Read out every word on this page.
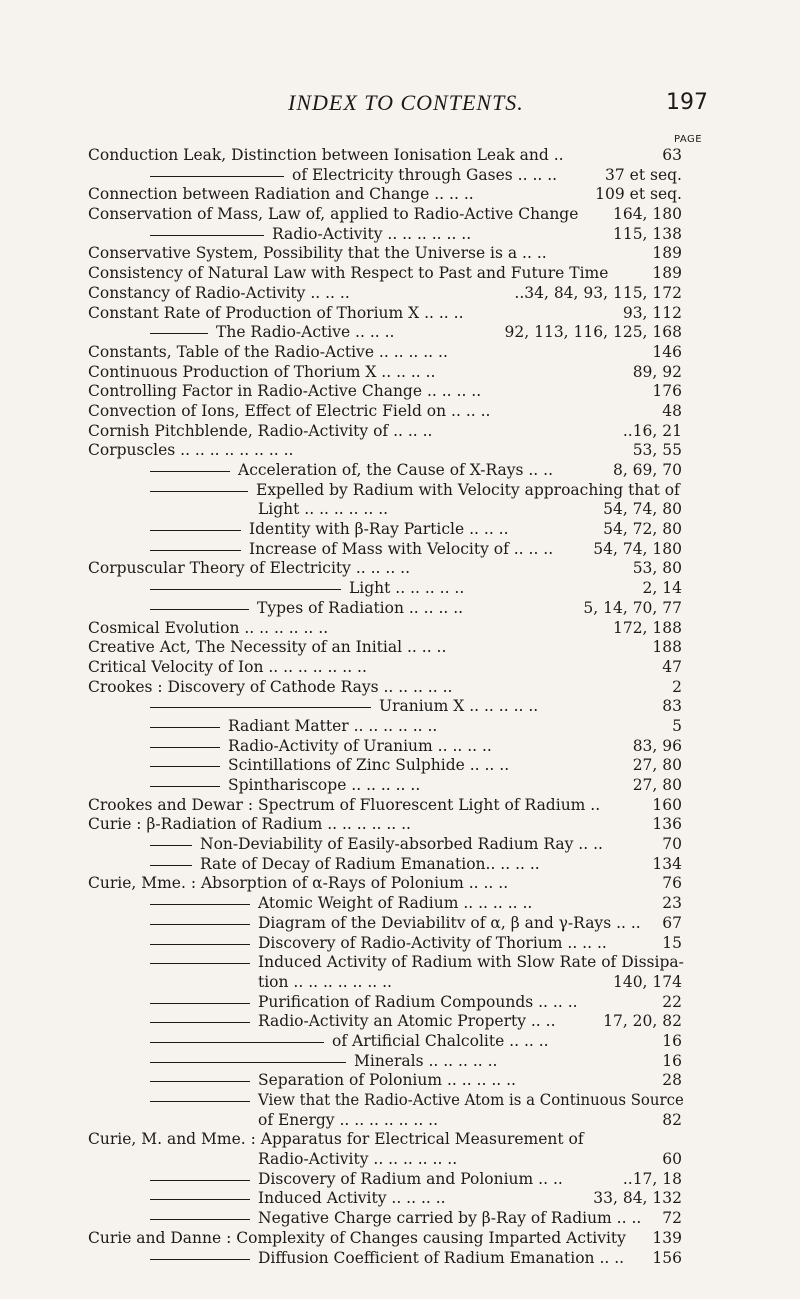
INDEX TO CONTENTS.	197
PAGE
Conduction Leak, Distinction between Ionisation Leak and ..	63
of Electricity through Gases .. .. ..	37 et seq.
Connection between Radiation and Change .. .. ..	109 et seq.
Conservation of Mass, Law of, applied to Radio-Active Change 164, 180
Radio-Activity .. .. .. .. .. ..	115, 138
Conservative System, Possibility that the Universe is a .. ..	189
Consistency of Natural Law with Respect to Past and Future Time	189
Constancy of Radio-Activity .. .. ..	..34, 84, 93, 115, 172
Constant Rate of Production of Thorium X .. .. ..	93, 112
The Radio-Active .. .. ..	92, 113, 116, 125, 168
Constants, Table of the Radio-Active .. .. .. .. ..	146
Continuous Production of Thorium X .. .. .. ..	89, 92
Controlling Factor in Radio-Active Change .. .. .. ..	176
Convection of Ions, Effect of Electric Field on .. .. ..	48
Cornish Pitchblende, Radio-Activity of .. .. ..	..16, 21
Corpuscles .. .. .. .. .. .. .. ..	53, 55
Acceleration of, the Cause of X-Rays .. ..	8, 69, 70
Expelled by Radium with Velocity approaching that of
Light .. .. .. .. .. ..	54, 74, 80
Identity with β-Ray Particle .. .. ..	54, 72, 80
Increase of Mass with Velocity of .. .. ..	54, 74, 180
Corpuscular Theory of Electricity .. .. .. ..	53, 80
Light .. .. .. .. ..	2, 14
Types of Radiation .. .. .. ..	5, 14, 70, 77
Cosmical Evolution .. .. .. .. .. ..	172, 188
Creative Act, The Necessity of an Initial .. .. ..	188
Critical Velocity of Ion .. .. .. .. .. .. ..	47
Crookes : Discovery of Cathode Rays .. .. .. .. ..	2
Uranium X .. .. .. .. ..	83
Radiant Matter .. .. .. .. .. ..	5
Radio-Activity of Uranium .. .. .. ..	83, 96
Scintillations of Zinc Sulphide .. .. ..	27, 80
Spinthariscope .. .. .. .. ..	27, 80
Crookes and Dewar : Spectrum of Fluorescent Light of Radium ..	160
Curie : β-Radiation of Radium .. .. .. .. .. ..	136
Non-Deviability of Easily-absorbed Radium Ray .. ..	70
Rate of Decay of Radium Emanation.. .. .. ..	134
Curie, Mme. : Absorption of α-Rays of Polonium .. .. ..	76
Atomic Weight of Radium .. .. .. .. ..	23
Diagram of the Deviabilitv of α, β and γ-Rays .. .. 67
Discovery of Radio-Activity of Thorium .. .. ..	15
Induced Activity of Radium with Slow Rate of Dissipa-
tion .. .. .. .. .. .. ..	140, 174
Purification of Radium Compounds .. .. ..	22
Radio-Activity an Atomic Property .. ..	17, 20, 82
of Artificial Chalcolite .. .. ..	16
Minerals .. .. .. .. ..	16
Separation of Polonium .. .. .. .. ..	28
View that the Radio-Active Atom is a Continuous Source
of Energy .. .. .. .. .. .. ..	82
Curie, M. and Mme. : Apparatus for Electrical Measurement of
Radio-Activity .. .. .. .. .. ..	60
Discovery of Radium and Polonium .. ..	..17, 18
Induced Activity .. .. .. ..	33, 84, 132
Negative Charge carried by β-Ray of Radium .. .. 72
Curie and Danne : Complexity of Changes causing Imparted Activity 139
Diffusion Coefficient of Radium Emanation .. .. 156
